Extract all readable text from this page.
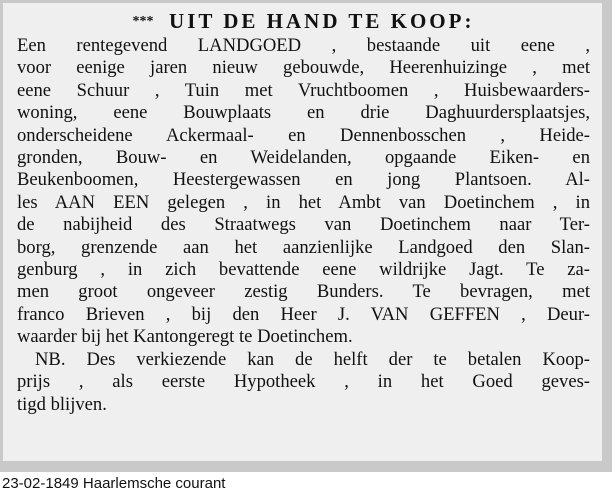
*** UIT DE HAND TE KOOP:
Een rentegevend LANDGOED , bestaande uit eene ,
voor eenige jaren nieuw gebouwde, Heerenhuizinge , met
eene Schuur , Tuin met Vruchtboomen , Huisbewaarders-
woning, eene Bouwplaats en drie Daghuurdersplaatsjes,
onderscheidene Ackermaal- en Dennenbosschen , Heide-
gronden, Bouw- en Weidelanden, opgaande Eiken- en
Beukenboomen, Heestergewassen en jong Plantsoen. Al-
les AAN EEN gelegen , in het Ambt van Doetinchem , in
de nabijheid des Straatwegs van Doetinchem naar Ter-
borg, grenzende aan het aanzienlijke Landgoed den Slan-
genburg , in zich bevattende eene wildrijke Jagt. Te za-
men groot ongeveer zestig Bunders. Te bevragen, met
franco Brieven , bij den Heer J. VAN GEFFEN , Deur-
waarder bij het Kantongeregt te Doetinchem.
NB. Des verkiezende kan de helft der te betalen Koop-
prijs , als eerste Hypotheek , in het Goed geves-
tigd blijven.
23-02-1849 Haarlemsche courant
